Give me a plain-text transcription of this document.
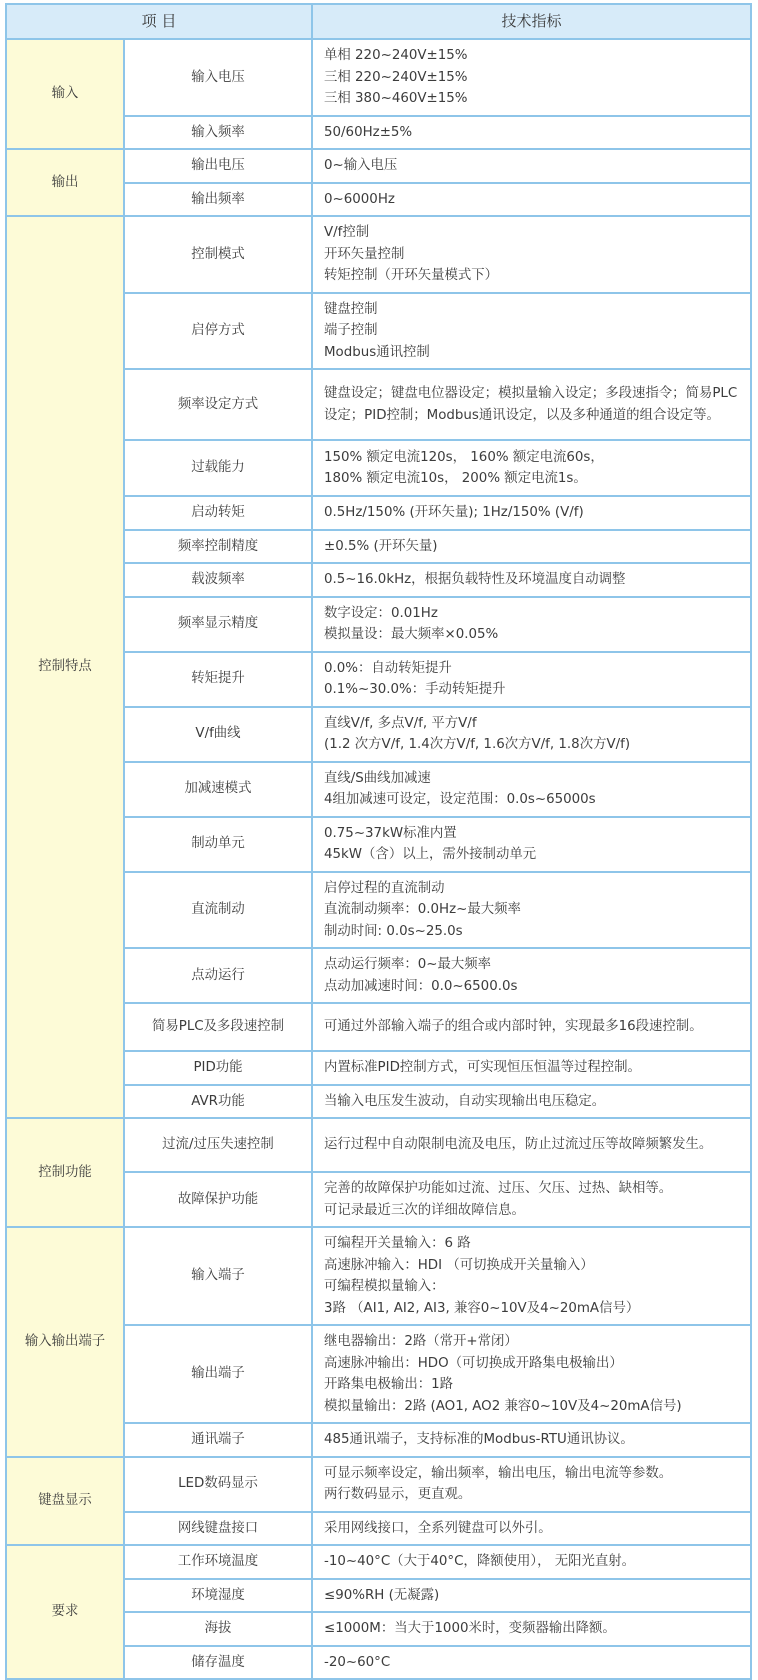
项 目		技术指标
输入	输入电压	单相 220~240V±15%
三相 220~240V±15%
三相 380~460V±15%

	输入频率	50/60Hz±5%

输出	输出电压	0~输入电压

	输出频率	0~6000Hz

控制特点	控制模式	V/f控制
开环矢量控制
转矩控制（开环矢量模式下）

	启停方式	键盘控制
端子控制
Modbus通讯控制

	频率设定方式	键盘设定；键盘电位器设定；模拟量输入设定；多段速指令；简易PLC设定；PID控制；Modbus通讯设定，以及多种通道的组合设定等。

	过载能力	150% 额定电流120s， 160% 额定电流60s，
180% 额定电流10s， 200% 额定电流1s。

	启动转矩	0.5Hz/150% (开环矢量); 1Hz/150% (V/f)

	频率控制精度	±0.5% (开环矢量)

	载波频率	0.5~16.0kHz，根据负载特性及环境温度自动调整

	频率显示精度	数字设定：0.01Hz
模拟量设：最大频率×0.05%

	转矩提升	0.0%：自动转矩提升
0.1%~30.0%：手动转矩提升

	V/f曲线	直线V/f, 多点V/f, 平方V/f
(1.2 次方V/f, 1.4次方V/f, 1.6次方V/f, 1.8次方V/f)

	加减速模式	直线/S曲线加减速
4组加减速可设定，设定范围：0.0s~65000s

	制动单元	0.75~37kW标准内置
45kW（含）以上，需外接制动单元

	直流制动	启停过程的直流制动
直流制动频率：0.0Hz~最大频率
制动时间: 0.0s~25.0s

	点动运行	点动运行频率：0~最大频率
点动加减速时间：0.0~6500.0s

	简易PLC及多段速控制	可通过外部输入端子的组合或内部时钟，实现最多16段速控制。

	PID功能	内置标准PID控制方式，可实现恒压恒温等过程控制。

	AVR功能	当输入电压发生波动，自动实现输出电压稳定。

控制功能	过流/过压失速控制	运行过程中自动限制电流及电压，防止过流过压等故障频繁发生。

	故障保护功能	完善的故障保护功能如过流、过压、欠压、过热、缺相等。
可记录最近三次的详细故障信息。

输入输出端子	输入端子	可编程开关量输入：6 路
高速脉冲输入：HDI （可切换成开关量输入）
可编程模拟量输入：
3路 （AI1, AI2, AI3, 兼容0~10V及4~20mA信号）

	输出端子	继电器输出：2路（常开+常闭）
高速脉冲输出：HDO（可切换成开路集电极输出）
开路集电极输出：1路
模拟量输出：2路 (AO1, AO2 兼容0~10V及4~20mA信号)

	通讯端子	485通讯端子，支持标准的Modbus-RTU通讯协议。

键盘显示	LED数码显示	可显示频率设定，输出频率，输出电压，输出电流等参数。
两行数码显示，更直观。

	网线键盘接口	采用网线接口，全系列键盘可以外引。

要求	工作环境温度	-10~40°C（大于40°C，降额使用）， 无阳光直射。

	环境湿度	≤90%RH (无凝露)

	海拔	≤1000M：当大于1000米时，变频器输出降额。

	储存温度	-20~60°C
